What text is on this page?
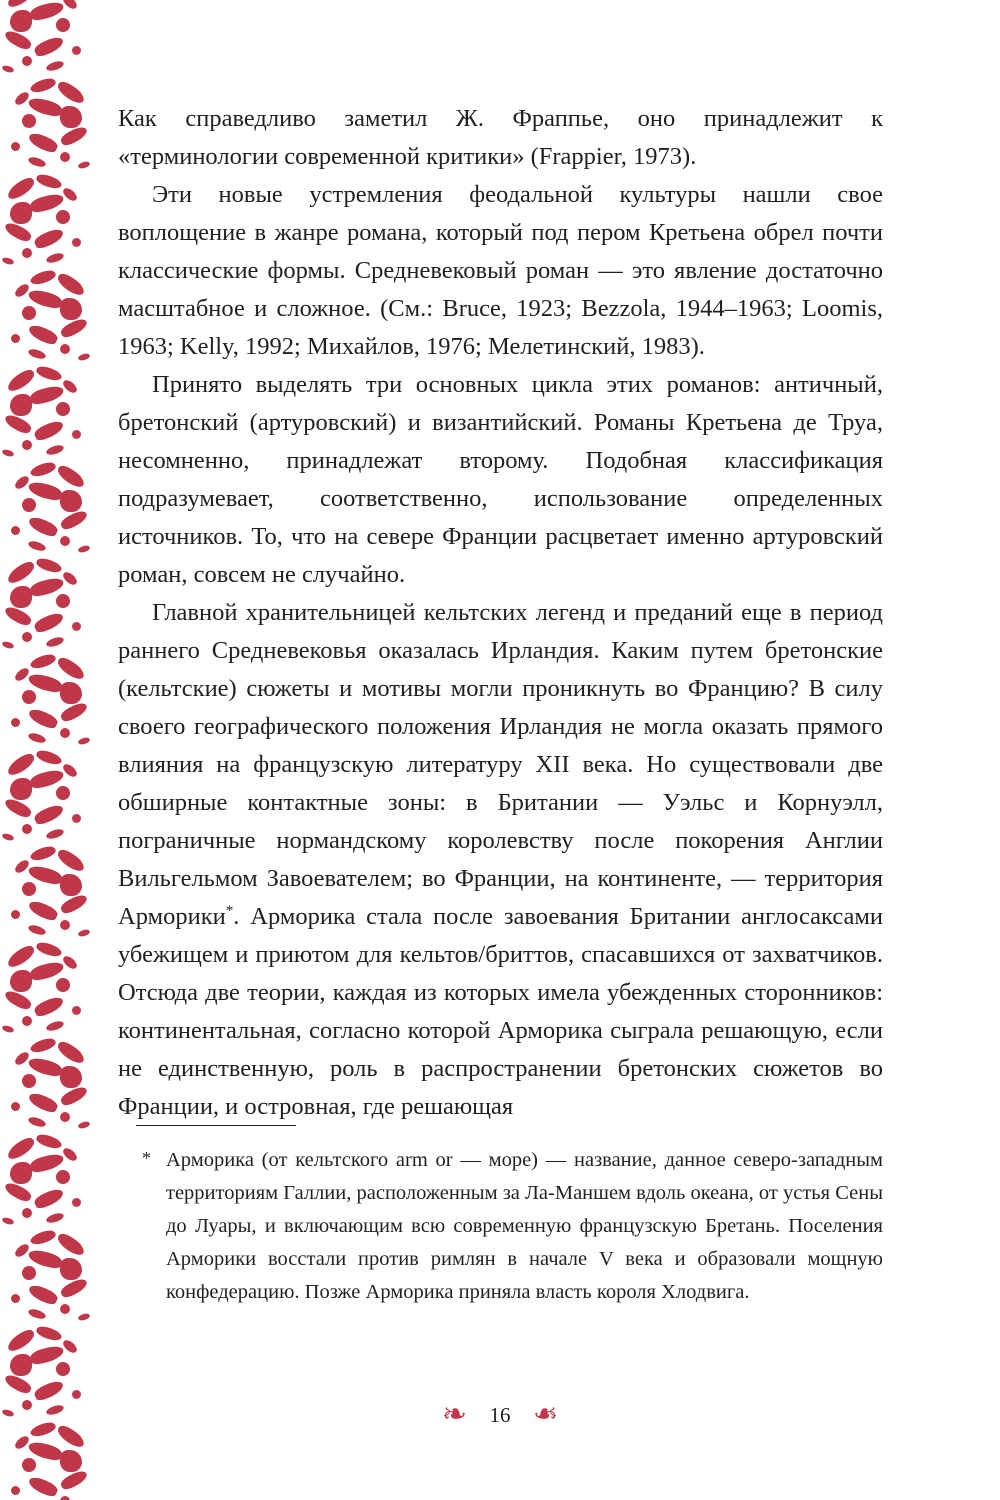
Как справедливо заметил Ж. Фраппье, оно принадлежит к «терминологии современной критики» (Frappier, 1973).

Эти новые устремления феодальной культуры нашли свое воплощение в жанре романа, который под пером Кретьена обрел почти классические формы. Средневековый роман — это явление достаточно масштабное и сложное. (См.: Bruce, 1923; Bezzola, 1944–1963; Loomis, 1963; Kelly, 1992; Михайлов, 1976; Мелетинский, 1983).

Принято выделять три основных цикла этих романов: античный, бретонский (артуровский) и византийский. Романы Кретьена де Труа, несомненно, принадлежат второму. Подобная классификация подразумевает, соответственно, использование определенных источников. То, что на севере Франции расцветает именно артуровский роман, совсем не случайно.

Главной хранительницей кельтских легенд и преданий еще в период раннего Средневековья оказалась Ирландия. Каким путем бретонские (кельтские) сюжеты и мотивы могли проникнуть во Францию? В силу своего географического положения Ирландия не могла оказать прямого влияния на французскую литературу XII века. Но существовали две обширные контактные зоны: в Британии — Уэльс и Корнуэлл, пограничные нормандскому королевству после покорения Англии Вильгельмом Завоевателем; во Франции, на континенте, — территория Арморики*. Арморика стала после завоевания Британии англосаксами убежищем и приютом для кельтов/бриттов, спасавшихся от захватчиков. Отсюда две теории, каждая из которых имела убежденных сторонников: континентальная, согласно которой Арморика сыграла решающую, если не единственную, роль в распространении бретонских сюжетов во Франции, и островная, где решающая

* Арморика (от кельтского arm or — море) — название, данное северо-западным территориям Галлии, расположенным за Ла-Маншем вдоль океана, от устья Сены до Луары, и включающим всю современную французскую Бретань. Поселения Арморики восстали против римлян в начале V века и образовали мощную конфедерацию. Позже Арморика приняла власть короля Хлодвига.

❧	16 ❧
